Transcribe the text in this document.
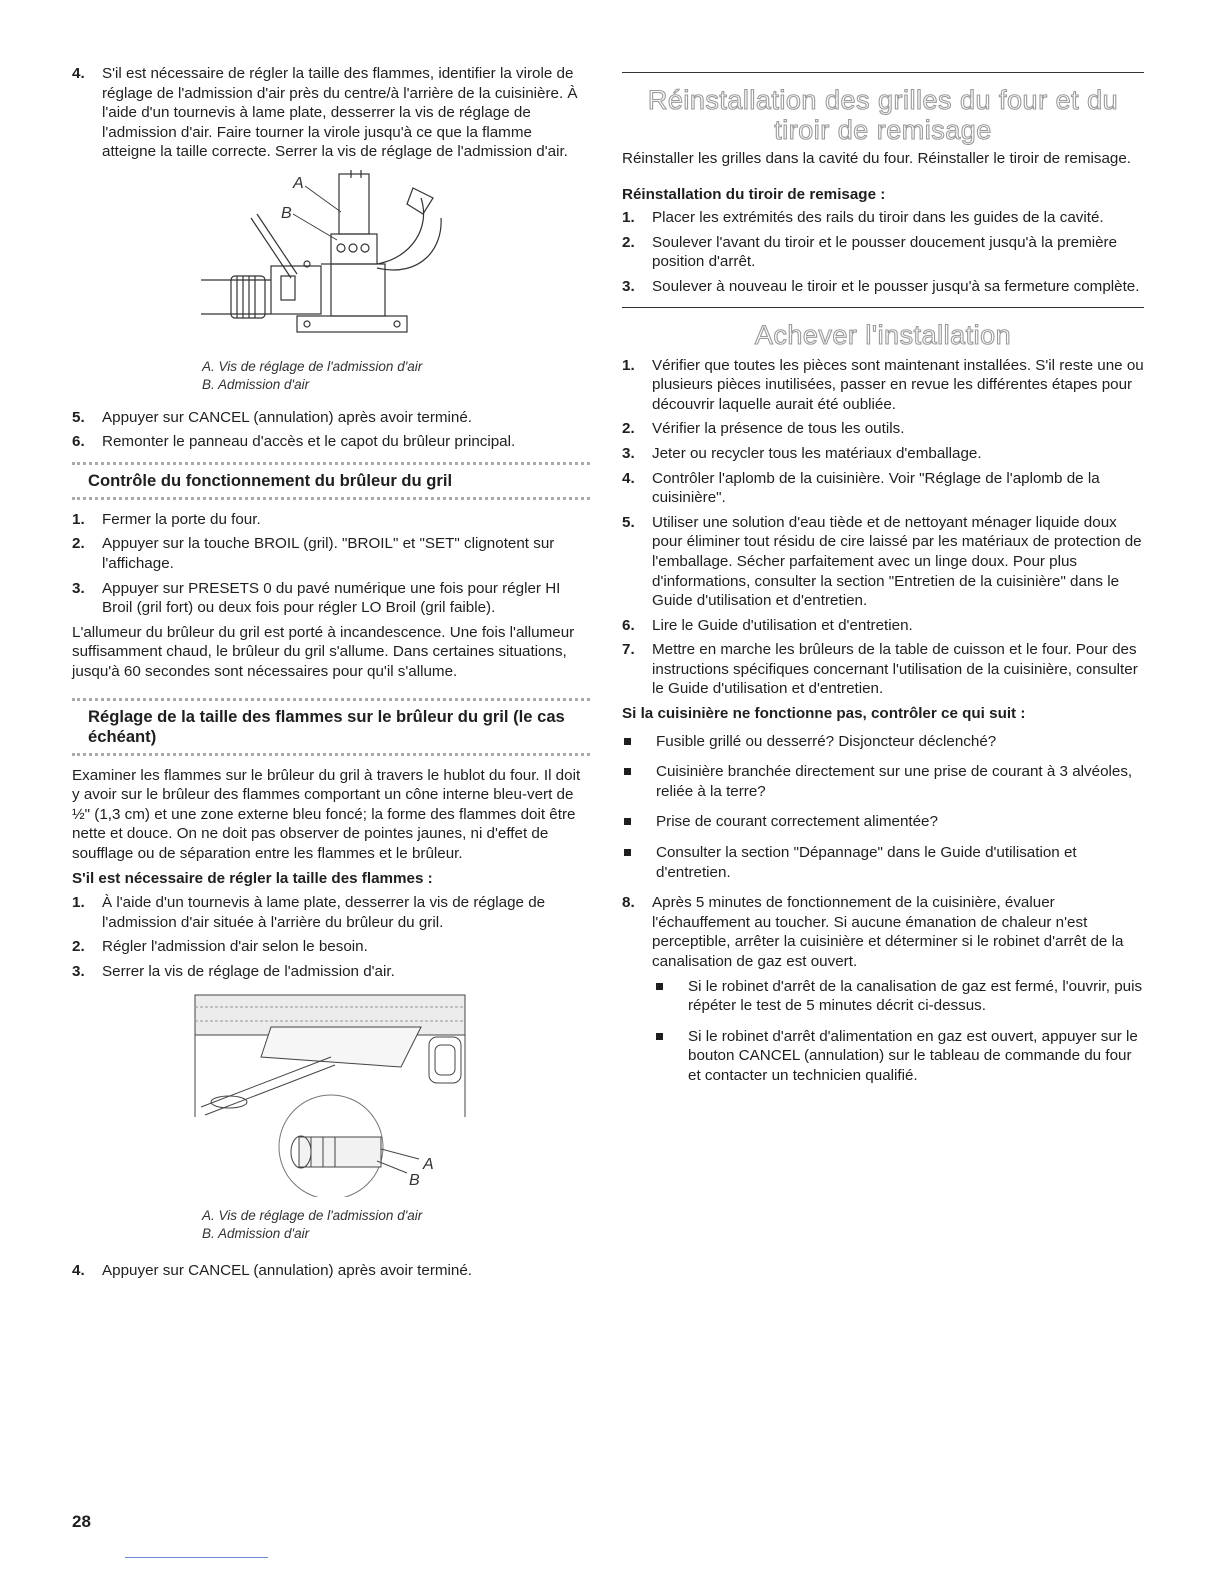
4. S'il est nécessaire de régler la taille des flammes, identifier la virole de réglage de l'admission d'air près du centre/à l'arrière de la cuisinière. À l'aide d'un tournevis à lame plate, desserrer la vis de réglage de l'admission d'air. Faire tourner la virole jusqu'à ce que la flamme atteigne la taille correcte. Serrer la vis de réglage de l'admission d'air.
A
B
A. Vis de réglage de l'admission d'air
B. Admission d'air
5. Appuyer sur CANCEL (annulation) après avoir terminé.
6. Remonter le panneau d'accès et le capot du brûleur principal.
Contrôle du fonctionnement du brûleur du gril
1. Fermer la porte du four.
2. Appuyer sur la touche BROIL (gril). "BROIL" et "SET" clignotent sur l'affichage.
3. Appuyer sur PRESETS 0 du pavé numérique une fois pour régler HI Broil (gril fort) ou deux fois pour régler LO Broil (gril faible).

L'allumeur du brûleur du gril est porté à incandescence. Une fois l'allumeur suffisamment chaud, le brûleur du gril s'allume. Dans certaines situations, jusqu'à 60 secondes sont nécessaires pour qu'il s'allume.

Réglage de la taille des flammes sur le brûleur du gril (le cas échéant)

Examiner les flammes sur le brûleur du gril à travers le hublot du four. Il doit y avoir sur le brûleur des flammes comportant un cône interne bleu-vert de ½" (1,3 cm) et une zone externe bleu foncé; la forme des flammes doit être nette et douce. On ne doit pas observer de pointes jaunes, ni d'effet de soufflage ou de séparation entre les flammes et le brûleur.

S'il est nécessaire de régler la taille des flammes :
1. À l'aide d'un tournevis à lame plate, desserrer la vis de réglage de l'admission d'air située à l'arrière du brûleur du gril.
2. Régler l'admission d'air selon le besoin.
3. Serrer la vis de réglage de l'admission d'air.
A
B
A. Vis de réglage de l'admission d'air
B. Admission d'air
4. Appuyer sur CANCEL (annulation) après avoir terminé.
Réinstallation des grilles du four et du tiroir de remisage

Réinstaller les grilles dans la cavité du four. Réinstaller le tiroir de remisage.

Réinstallation du tiroir de remisage :
1. Placer les extrémités des rails du tiroir dans les guides de la cavité.
2. Soulever l'avant du tiroir et le pousser doucement jusqu'à la première position d'arrêt.
3. Soulever à nouveau le tiroir et le pousser jusqu'à sa fermeture complète.
Achever l'installation
1. Vérifier que toutes les pièces sont maintenant installées. S'il reste une ou plusieurs pièces inutilisées, passer en revue les différentes étapes pour découvrir laquelle aurait été oubliée.
2. Vérifier la présence de tous les outils.
3. Jeter ou recycler tous les matériaux d'emballage.
4. Contrôler l'aplomb de la cuisinière. Voir "Réglage de l'aplomb de la cuisinière".
5. Utiliser une solution d'eau tiède et de nettoyant ménager liquide doux pour éliminer tout résidu de cire laissé par les matériaux de protection de l'emballage. Sécher parfaitement avec un linge doux. Pour plus d'informations, consulter la section "Entretien de la cuisinière" dans le Guide d'utilisation et d'entretien.
6. Lire le Guide d'utilisation et d'entretien.
7. Mettre en marche les brûleurs de la table de cuisson et le four. Pour des instructions spécifiques concernant l'utilisation de la cuisinière, consulter le Guide d'utilisation et d'entretien.
Si la cuisinière ne fonctionne pas, contrôler ce qui suit :
Fusible grillé ou desserré? Disjoncteur déclenché?
Cuisinière branchée directement sur une prise de courant à 3 alvéoles, reliée à la terre?
Prise de courant correctement alimentée?
Consulter la section "Dépannage" dans le Guide d'utilisation et d'entretien.
8. Après 5 minutes de fonctionnement de la cuisinière, évaluer l'échauffement au toucher. Si aucune émanation de chaleur n'est perceptible, arrêter la cuisinière et déterminer si le robinet d'arrêt de la canalisation de gaz est ouvert.
Si le robinet d'arrêt de la canalisation de gaz est fermé, l'ouvrir, puis répéter le test de 5 minutes décrit ci-dessus.
Si le robinet d'arrêt d'alimentation en gaz est ouvert, appuyer sur le bouton CANCEL (annulation) sur le tableau de commande du four et contacter un technicien qualifié.
28
